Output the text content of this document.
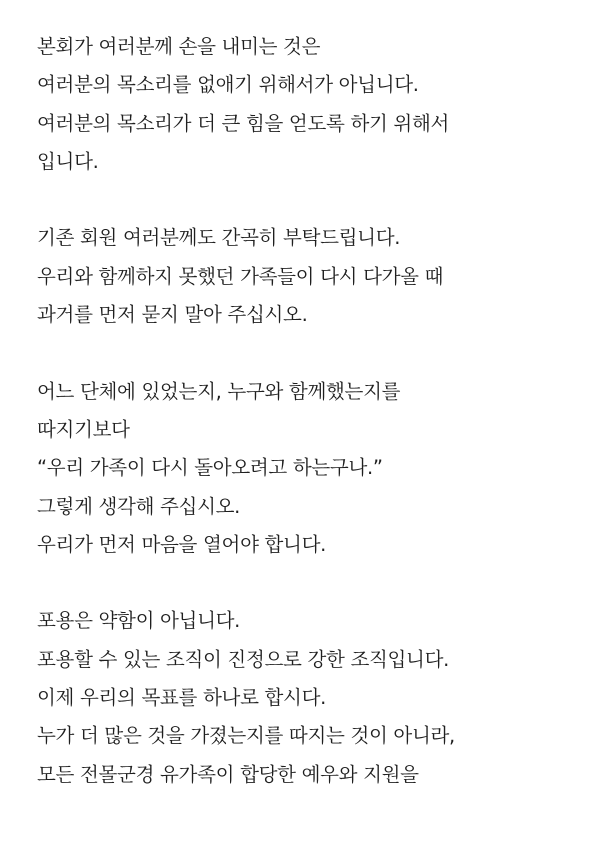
본회가 여러분께 손을 내미는 것은
여러분의 목소리를 없애기 위해서가 아닙니다.
여러분의 목소리가 더 큰 힘을 얻도록 하기 위해서
입니다.
기존 회원 여러분께도 간곡히 부탁드립니다.
우리와 함께하지 못했던 가족들이 다시 다가올 때
과거를 먼저 묻지 말아 주십시오.
어느 단체에 있었는지, 누구와 함께했는지를
따지기보다
“우리 가족이 다시 돌아오려고 하는구나.”
그렇게 생각해 주십시오.
우리가 먼저 마음을 열어야 합니다.
포용은 약함이 아닙니다.
포용할 수 있는 조직이 진정으로 강한 조직입니다.
이제 우리의 목표를 하나로 합시다.
누가 더 많은 것을 가졌는지를 따지는 것이 아니라,
모든 전몰군경 유가족이 합당한 예우와 지원을
